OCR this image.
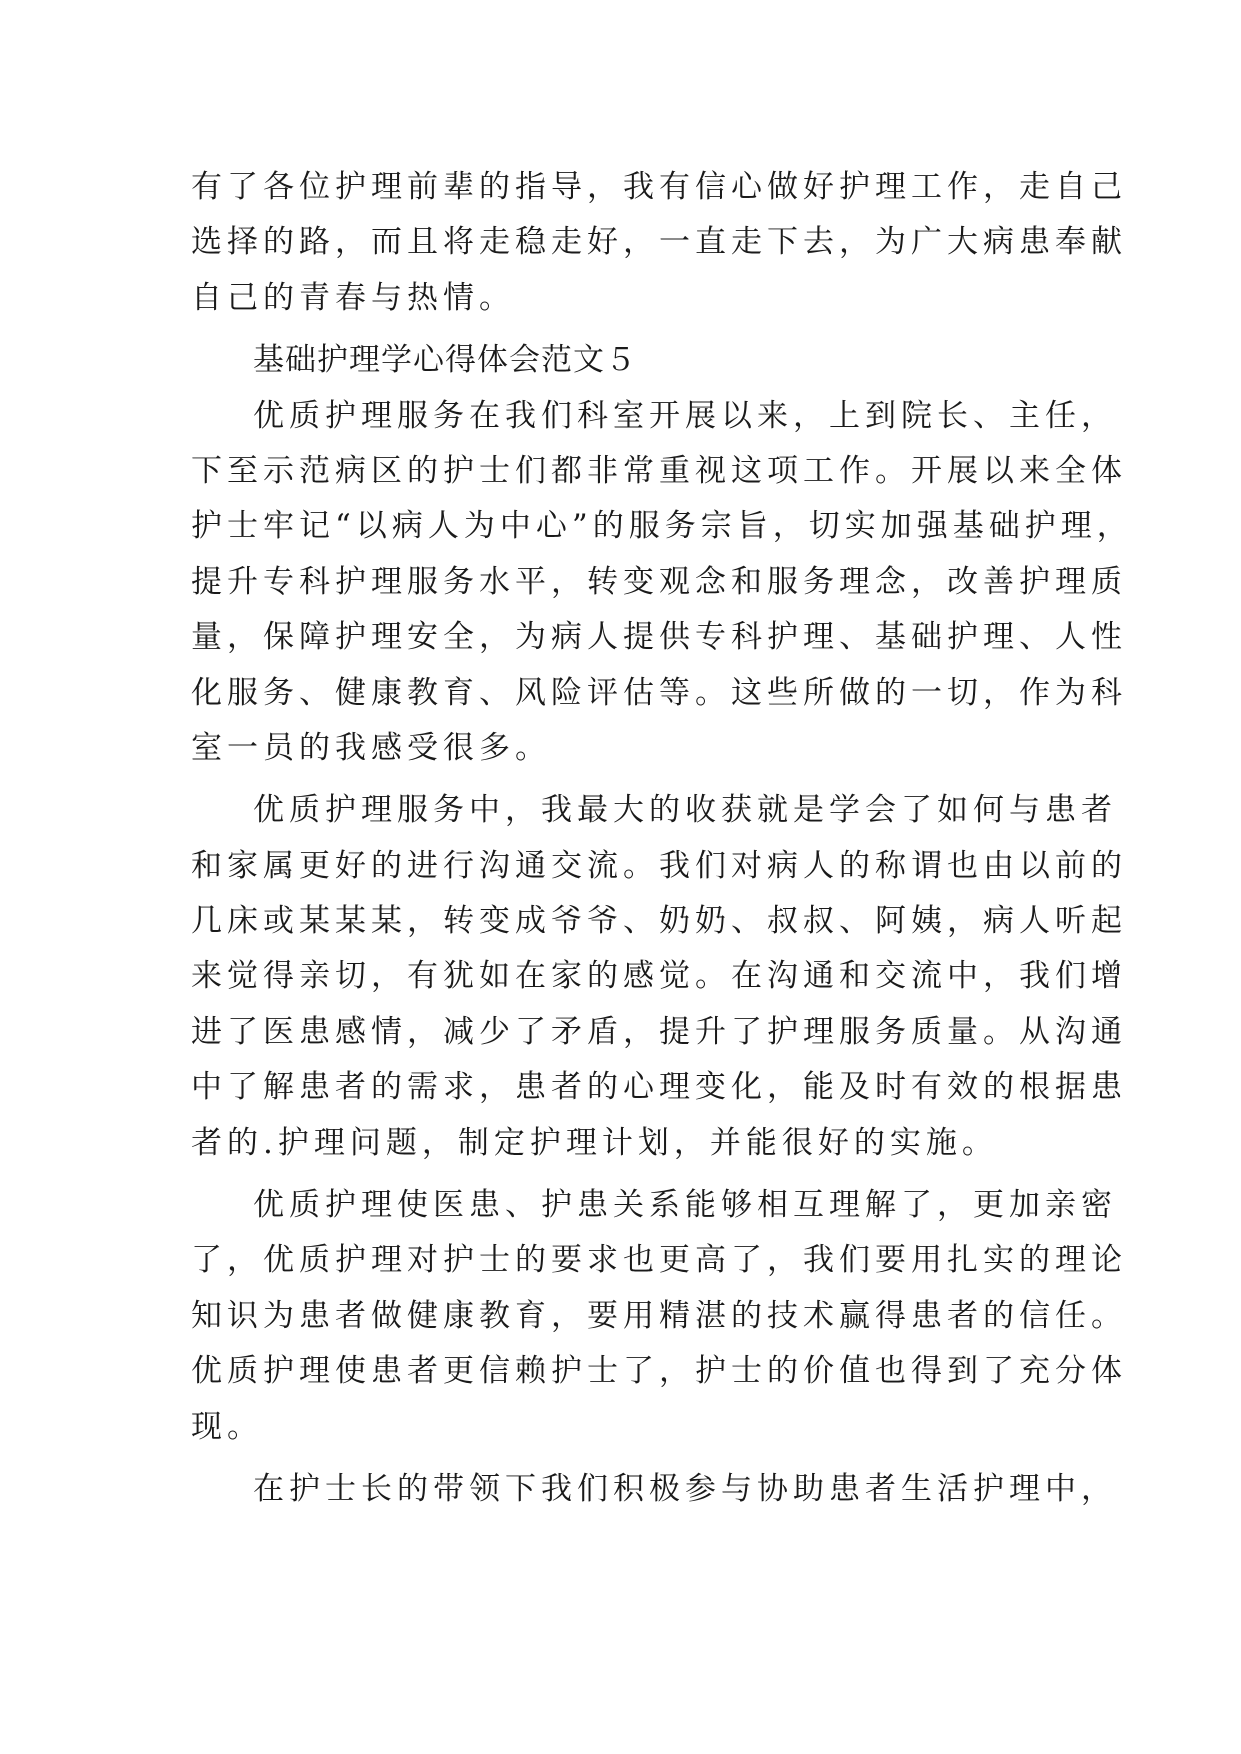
有了各位护理前辈的指导，我有信心做好护理工作，走自己
选择的路，而且将走稳走好，一直走下去，为广大病患奉献
自己的青春与热情。
基础护理学心得体会范文５
优质护理服务在我们科室开展以来，上到院长、主任，
下至示范病区的护士们都非常重视这项工作。开展以来全体
护士牢记“以病人为中心”的服务宗旨，切实加强基础护理，
提升专科护理服务水平，转变观念和服务理念，改善护理质
量，保障护理安全，为病人提供专科护理、基础护理、人性
化服务、健康教育、风险评估等。这些所做的一切，作为科
室一员的我感受很多。
优质护理服务中，我最大的收获就是学会了如何与患者
和家属更好的进行沟通交流。我们对病人的称谓也由以前的
几床或某某某，转变成爷爷、奶奶、叔叔、阿姨，病人听起
来觉得亲切，有犹如在家的感觉。在沟通和交流中，我们增
进了医患感情，减少了矛盾，提升了护理服务质量。从沟通
中了解患者的需求，患者的心理变化，能及时有效的根据患
者的.护理问题，制定护理计划，并能很好的实施。
优质护理使医患、护患关系能够相互理解了，更加亲密
了，优质护理对护士的要求也更高了，我们要用扎实的理论
知识为患者做健康教育，要用精湛的技术赢得患者的信任。
优质护理使患者更信赖护士了，护士的价值也得到了充分体
现。
在护士长的带领下我们积极参与协助患者生活护理中，
